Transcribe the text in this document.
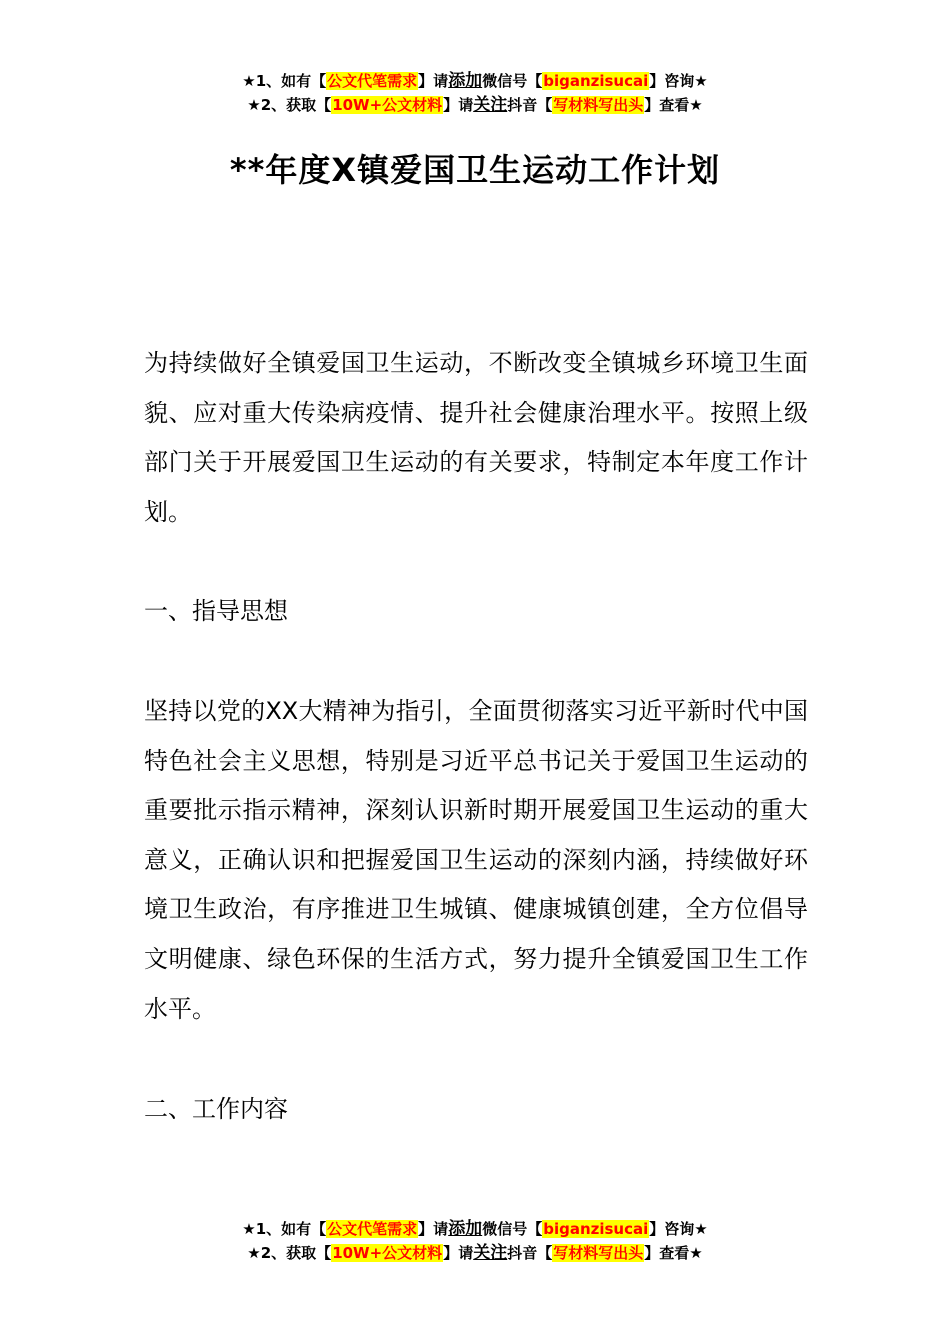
★1、如有【公文代笔需求】请添加微信号【biganzisucai】咨询★
★2、获取【10W+公文材料】请关注抖音【写材料写出头】查看★
**年度X镇爱国卫生运动工作计划

为持续做好全镇爱国卫生运动，不断改变全镇城乡环境卫生面貌、应对重大传染病疫情、提升社会健康治理水平。按照上级部门关于开展爱国卫生运动的有关要求，特制定本年度工作计划。

一、指导思想

坚持以党的XX大精神为指引，全面贯彻落实习近平新时代中国特色社会主义思想，特别是习近平总书记关于爱国卫生运动的重要批示指示精神，深刻认识新时期开展爱国卫生运动的重大意义，正确认识和把握爱国卫生运动的深刻内涵，持续做好环境卫生政治，有序推进卫生城镇、健康城镇创建，全方位倡导文明健康、绿色环保的生活方式，努力提升全镇爱国卫生工作水平。

二、工作内容
★1、如有【公文代笔需求】请添加微信号【biganzisucai】咨询★
★2、获取【10W+公文材料】请关注抖音【写材料写出头】查看★
